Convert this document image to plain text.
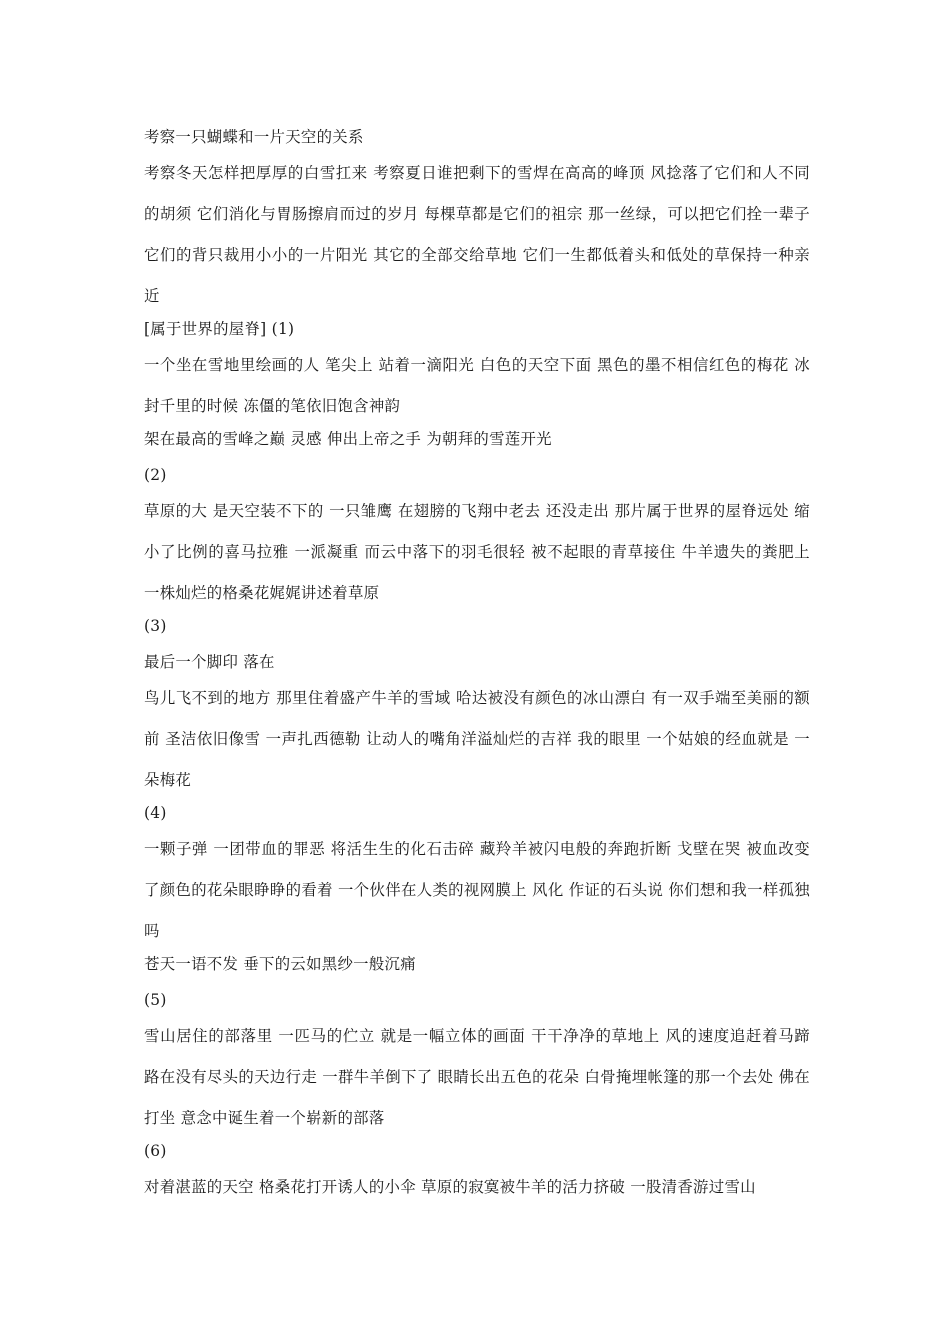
考察一只蝴蝶和一片天空的关系

考察冬天怎样把厚厚的白雪扛来 考察夏日谁把剩下的雪焊在高高的峰顶 风捻落了它们和人不同的胡须 它们消化与胃肠擦肩而过的岁月 每棵草都是它们的祖宗 那一丝绿，可以把它们拴一辈子 它们的背只裁用小小的一片阳光 其它的全部交给草地 它们一生都低着头和低处的草保持一种亲近

[属于世界的屋脊] (1)

一个坐在雪地里绘画的人 笔尖上 站着一滴阳光 白色的天空下面 黑色的墨不相信红色的梅花 冰封千里的时候 冻僵的笔依旧饱含神韵

架在最高的雪峰之巅 灵感 伸出上帝之手 为朝拜的雪莲开光

(2)

草原的大 是天空装不下的 一只雏鹰 在翅膀的飞翔中老去 还没走出 那片属于世界的屋脊远处 缩小了比例的喜马拉雅 一派凝重 而云中落下的羽毛很轻 被不起眼的青草接住 牛羊遗失的粪肥上 一株灿烂的格桑花娓娓讲述着草原

(3)

最后一个脚印 落在

鸟儿飞不到的地方 那里住着盛产牛羊的雪域 哈达被没有颜色的冰山漂白 有一双手端至美丽的额前 圣洁依旧像雪 一声扎西德勒 让动人的嘴角洋溢灿烂的吉祥 我的眼里 一个姑娘的经血就是 一朵梅花

(4)

一颗子弹 一团带血的罪恶 将活生生的化石击碎 藏羚羊被闪电般的奔跑折断 戈壁在哭 被血改变了颜色的花朵眼睁睁的看着 一个伙伴在人类的视网膜上 风化 作证的石头说 你们想和我一样孤独吗

苍天一语不发 垂下的云如黑纱一般沉痛

(5)

雪山居住的部落里 一匹马的伫立 就是一幅立体的画面 干干净净的草地上 风的速度追赶着马蹄 路在没有尽头的天边行走 一群牛羊倒下了 眼睛长出五色的花朵 白骨掩埋帐篷的那一个去处 佛在打坐 意念中诞生着一个崭新的部落

(6)

对着湛蓝的天空 格桑花打开诱人的小伞 草原的寂寞被牛羊的活力挤破 一股清香游过雪山
